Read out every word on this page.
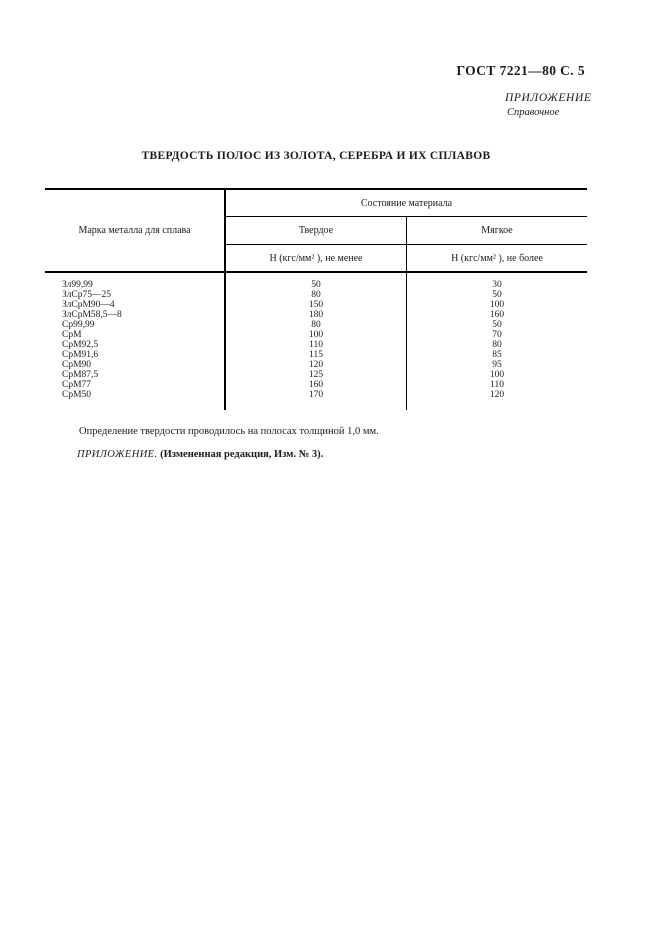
ГОСТ 7221—80 С. 5
ПРИЛОЖЕНИЕ
Справочное
ТВЕРДОСТЬ ПОЛОС ИЗ ЗОЛОТА, СЕРЕБРА И ИХ СПЛАВОВ
Марка металла для сплава
Состояние материала
Твердое	Мягкое
Н (кгс/мм² ), не менее	Н (кгс/мм² ), не более
Зл99,99
ЗлСр75—25
ЗлСрМ90—4
ЗлСрМ58,5—8
Ср99,99
СрМ
СрМ92,5
СрМ91,6
СрМ90
СрМ87,5
СрМ77
СрМ50
50
80
150
180
80
100
110
115
120
125
160
170
30
50
100
160
50
70
80
85
95
100
110
120
Определение твердости проводилось на полосах толщиной 1,0 мм.
ПРИЛОЖЕНИЕ. (Измененная редакция, Изм. № 3).
